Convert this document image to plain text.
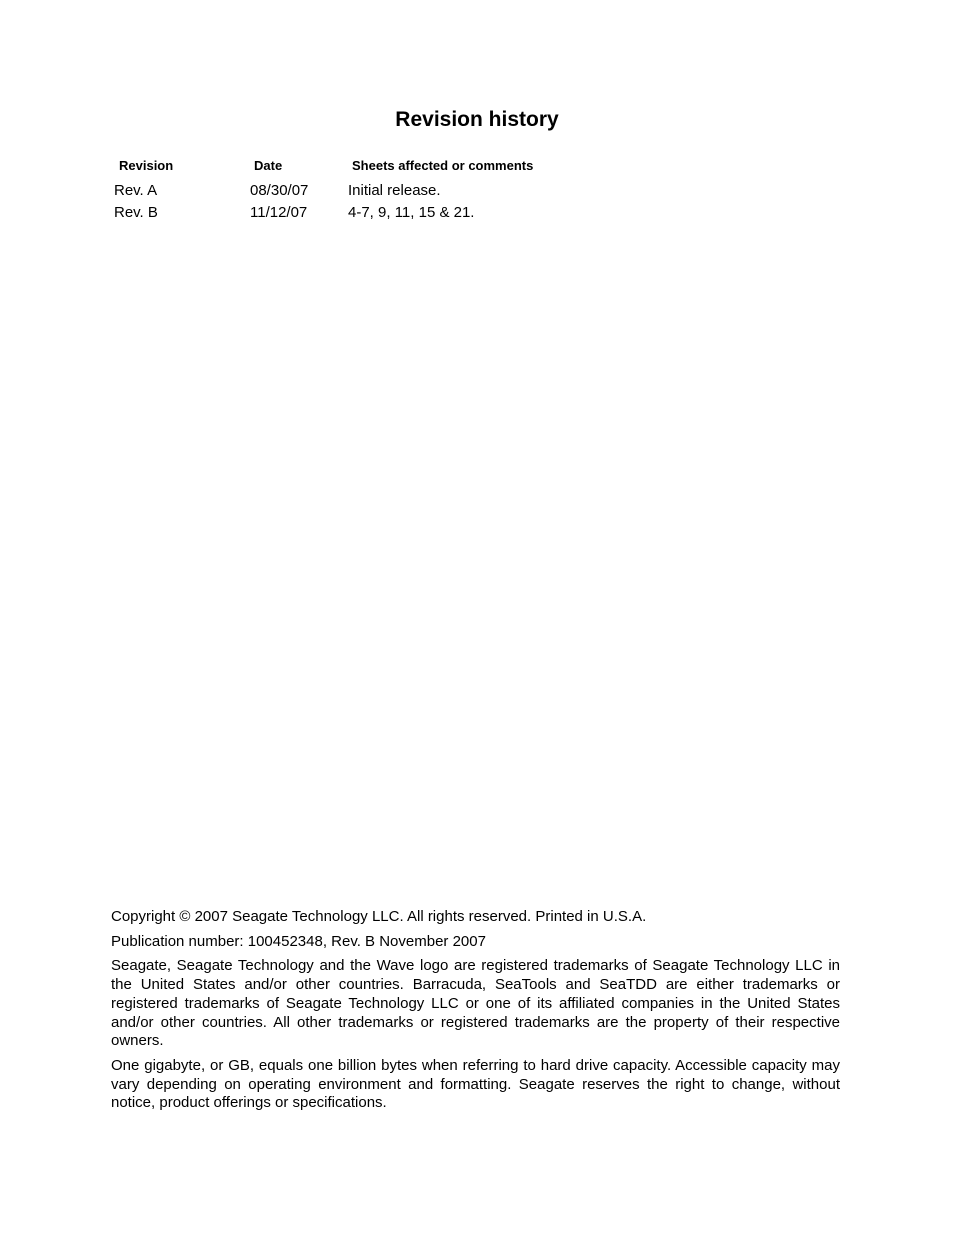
Revision history
Revision	Date	Sheets affected or comments
Rev. A	08/30/07	Initial release.
Rev. B	11/12/07	4-7, 9, 11, 15 & 21.

Copyright © 2007 Seagate Technology LLC. All rights reserved. Printed in U.S.A.

Publication number: 100452348, Rev. B November 2007

Seagate, Seagate Technology and the Wave logo are registered trademarks of Seagate Technology LLC in the United States and/or other countries. Barracuda, SeaTools and SeaTDD are either trademarks or registered trademarks of Seagate Technology LLC or one of its affiliated companies in the United States and/or other countries. All other trademarks or registered trademarks are the property of their respective owners.

One gigabyte, or GB, equals one billion bytes when referring to hard drive capacity. Accessible capacity may vary depending on operating environment and formatting. Seagate reserves the right to change, without notice, product offerings or specifications.
